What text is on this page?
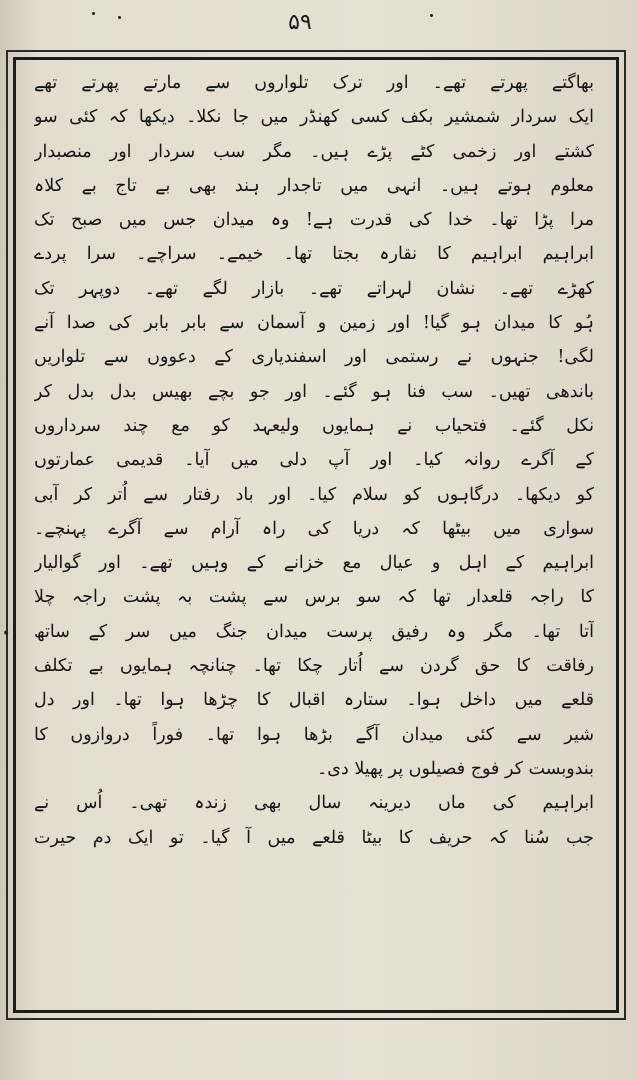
۵۹
•
بھاگتے پھرتے تھے۔ اور ترک تلواروں سے مارتے پھرتے تھے
ایک سردار شمشیر بکف کسی کھنڈر میں جا نکلا۔ دیکھا کہ کئی سو
کشتے اور زخمی کٹے پڑے ہیں۔ مگر سب سردار اور منصبدار
معلوم ہوتے ہیں۔ انہی میں تاجدار ہند بھی بے تاج بے کلاہ
مرا پڑا تھا۔ خدا کی قدرت ہے! وہ میدان جس میں صبح تک
ابراہیم ابراہیم کا نقارہ بجتا تھا۔ خیمے۔ سراچے۔ سرا پردے
کھڑے تھے۔ نشان لہراتے تھے۔ بازار لگے تھے۔ دوپہر تک
ہُو کا میدان ہو گیا! اور زمین و آسمان سے بابر بابر کی صدا آنے
لگی! جنہوں نے رستمی اور اسفندیاری کے دعووں سے تلواریں
باندھی تھیں۔ سب فنا ہو گئے۔ اور جو بچے بھیس بدل بدل کر
نکل گئے۔ فتحیاب نے ہمایوں ولیعہد کو مع چند سرداروں
کے آگرے روانہ کیا۔ اور آپ دلی میں آیا۔ قدیمی عمارتوں
کو دیکھا۔ درگاہوں کو سلام کیا۔ اور باد رفتار سے اُتر کر آبی
سواری میں بیٹھا کہ دریا کی راہ آرام سے آگرے پہنچے۔
ابراہیم کے اہل و عیال مع خزانے کے وہیں تھے۔ اور گوالیار
کا راجہ قلعدار تھا کہ سو برس سے پشت بہ پشت راجہ چلا
آتا تھا۔ مگر وہ رفیق پرست میدان جنگ میں سر کے ساتھ
رفاقت کا حق گردن سے اُتار چکا تھا۔ چنانچہ ہمایوں بے تکلف
قلعے میں داخل ہوا۔ ستارہ اقبال کا چڑھا ہوا تھا۔ اور دل
شیر سے کئی میدان آگے بڑھا ہوا تھا۔ فوراً دروازوں کا
بندوبست کر فوج فصیلوں پر پھیلا دی۔
ابراہیم کی ماں دیرینہ سال بھی زندہ تھی۔ اُس نے
جب سُنا کہ حریف کا بیٹا قلعے میں آ گیا۔ تو ایک دم حیرت
